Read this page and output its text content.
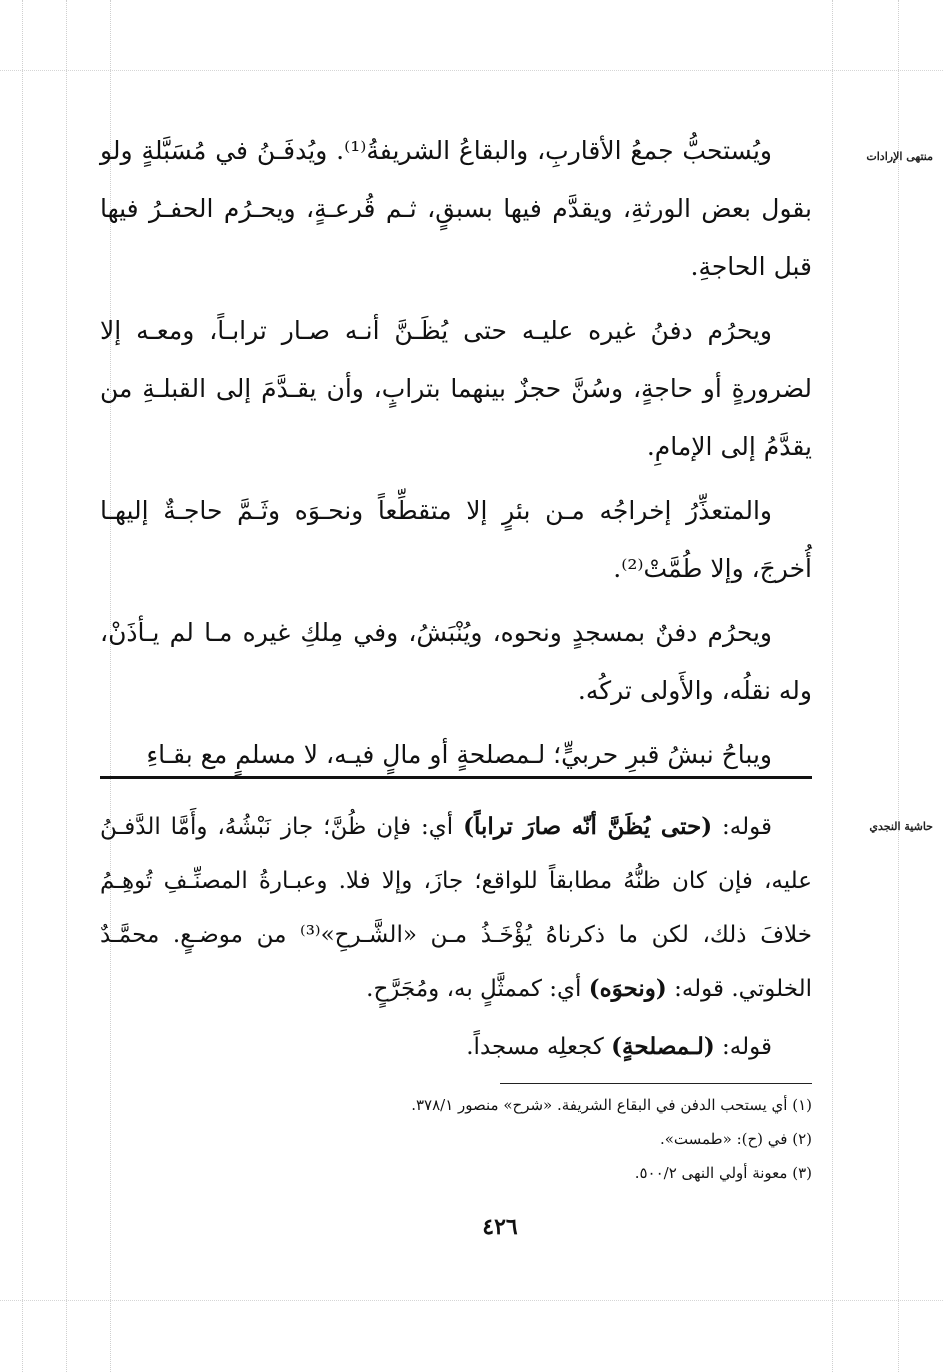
منتهى الإرادات
حاشية النجدي

ويُستحبُّ جمعُ الأقاربِ، والبقاعُ الشريفةُ⁽¹⁾. ويُدفَـنُ في مُسَبَّلةٍ ولو بقول بعض الورثةِ، ويقدَّم فيها بسبقٍ، ثـم قُرعـةٍ، ويحـرُم الحفـرُ فيها قبل الحاجةِ.

ويحرُم دفنُ غيره عليـه حتى يُظَـنَّ أنـه صـار ترابـاً، ومعـه إلا لضرورةٍ أو حاجةٍ، وسُنَّ حجزٌ بينهما بترابٍ، وأن يقـدَّمَ إلى القبلـةِ من يقدَّمُ إلى الإمامِ.

والمتعذِّرُ إخراجُه مـن بئرٍ إلا متقطِّعاً ونحـوَه وثَـمَّ حاجـةٌ إليهـا أُخرجَ، وإلا طُمَّتْ⁽²⁾.

ويحرُم دفنٌ بمسجدٍ ونحوه، ويُنْبَشُ، وفي مِلكِ غيره مـا لم يـأذَنْ، وله نقلُه، والأَولى تركُه.

ويباحُ نبشُ قبرِ حربيٍّ؛ لـمصلحةٍ أو مالٍ فيـه، لا مسلمٍ مع بقـاءِ

قوله: (حتى يُظَنَّ أنّه صارَ تراباً) أي: فإن ظُنَّ؛ جاز نَبْشُهُ، وأَمَّا الدَّفـنُ عليه، فإن كان ظنُّهُ مطابقاً للواقع؛ جازَ، وإلا فلا. وعبـارةُ المصنِّـفِ تُوهِـمُ خلافَ ذلك، لكن ما ذكرناهُ يُؤْخَـذُ مـن «الشَّـرحِ»⁽³⁾ من موضـعٍ. محمَّـدٌ الخلوتي. قوله: (ونحوَه) أي: كممثَّلٍ به، ومُجَرَّحٍ.

قوله: (لـمصلحةٍ) كجعلِه مسجداً.

(١) أي يستحب الدفن في البقاع الشريفة. «شرح» منصور ٣٧٨/١.
(٢) في (ح): «طمست».
(٣) معونة أولي النهى ٥٠٠/٢.
٤٢٦
